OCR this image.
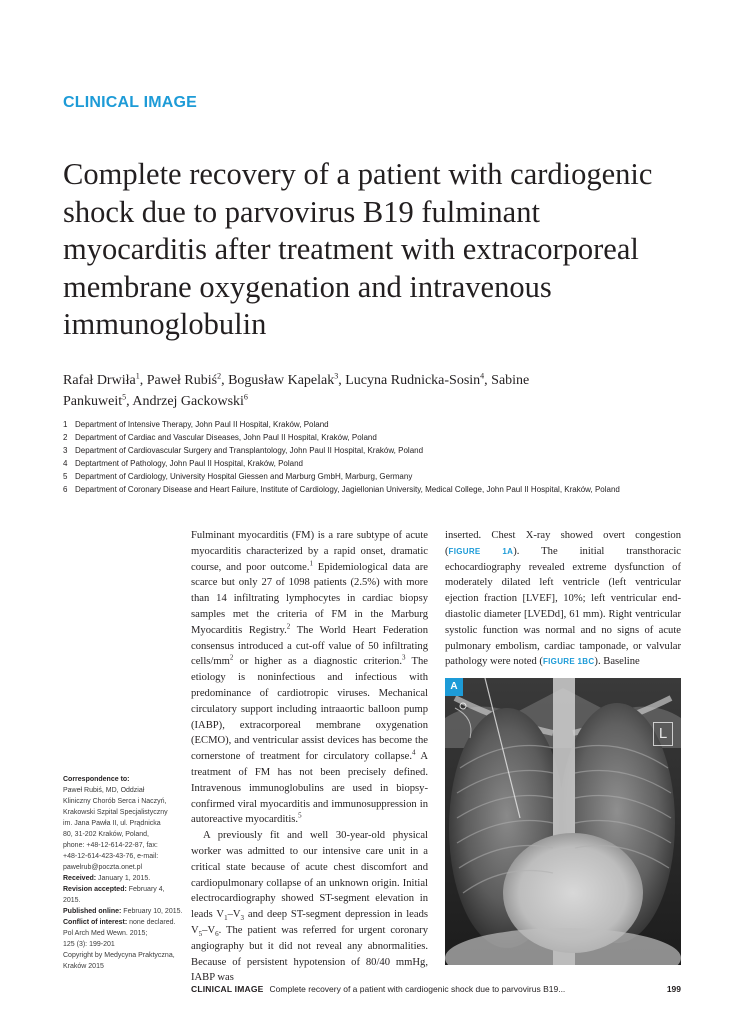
CLINICAL IMAGE
Complete recovery of a patient with cardiogenic shock due to parvovirus B19 fulminant myocarditis after treatment with extracorporeal membrane oxygenation and intravenous immunoglobulin
Rafał Drwiła$^1$, Paweł Rubiś$^2$, Bogusław Kapelak$^3$, Lucyna Rudnicka-Sosin$^4$, Sabine Pankuweit$^5$, Andrzej Gackowski$^6$
1 Department of Intensive Therapy, John Paul II Hospital, Kraków, Poland
2 Department of Cardiac and Vascular Diseases, John Paul II Hospital, Kraków, Poland
3 Department of Cardiovascular Surgery and Transplantology, John Paul II Hospital, Kraków, Poland
4 Deptartment of Pathology, John Paul II Hospital, Kraków, Poland
5 Department of Cardiology, University Hospital Giessen and Marburg GmbH, Marburg, Germany
6 Department of Coronary Disease and Heart Failure, Institute of Cardiology, Jagiellonian University, Medical College, John Paul II Hospital, Kraków, Poland
Correspondence to:
Paweł Rubiś, MD, Oddział
Kliniczny Chorób Serca i Naczyń,
Krakowski Szpital Specjalistyczny
im. Jana Pawła II, ul. Prądnicka
80, 31-202 Kraków, Poland,
phone: +48-12-614-22-87, fax:
+48-12-614-423-43-76, e-mail:
pawelrub@poczta.onet.pl
Received: January 1, 2015.
Revision accepted: February 4, 2015.
Published online: February 10, 2015.
Conflict of interest: none declared.
Pol Arch Med Wewn. 2015;
125 (3): 199-201
Copyright by Medycyna Praktyczna,
Kraków 2015

Fulminant myocarditis (FM) is a rare subtype of acute myocarditis characterized by a rapid onset, dramatic course, and poor outcome.$^1$ Epidemiological data are scarce but only 27 of 1098 patients (2.5%) with more than 14 infiltrating lymphocytes in cardiac biopsy samples met the criteria of FM in the Marburg Myocarditis Registry.$^2$ The World Heart Federation consensus introduced a cut-off value of 50 infiltrating cells/$mm^2$ or higher as a diagnostic criterion.$^3$ The etiology is noninfectious and infectious with predominance of cardiotropic viruses. Mechanical circulatory support including intraaortic balloon pump (IABP), extracorporeal membrane oxygenation (ECMO), and ventricular assist devices has become the cornerstone of treatment for circulatory collapse.$^4$ A treatment of FM has not been precisely defined. Intravenous immunoglobulins are used in biopsy-confirmed viral myocarditis and immunosuppression in autoreactive myocarditis.$^5$

A previously fit and well 30-year-old physical worker was admitted to our intensive care unit in a critical state because of acute chest discomfort and cardiopulmonary collapse of an unknown origin. Initial electrocardiography showed ST-segment elevation in leads $V_1-V_3$ and deep ST-segment depression in leads $V_5-V_6$. The patient was referred for urgent coronary angiography but it did not reveal any abnormalities. Because of persistent hypotension of 80/40 mmHg, IABP was

inserted. Chest X-ray showed overt congestion (FIGURE 1A). The initial transthoracic echocardiography revealed extreme dysfunction of moderately dilated left ventricle (left ventricular ejection fraction [LVEF], 10%; left ventricular end-diastolic diameter [LVEDd], 61 mm). Right ventricular systolic function was normal and no signs of acute pulmonary embolism, cardiac tamponade, or valvular pathology were noted (FIGURE 1BC). Baseline

A
L
CLINICAL IMAGE Complete recovery of a patient with cardiogenic shock due to parvovirus B19...	199
